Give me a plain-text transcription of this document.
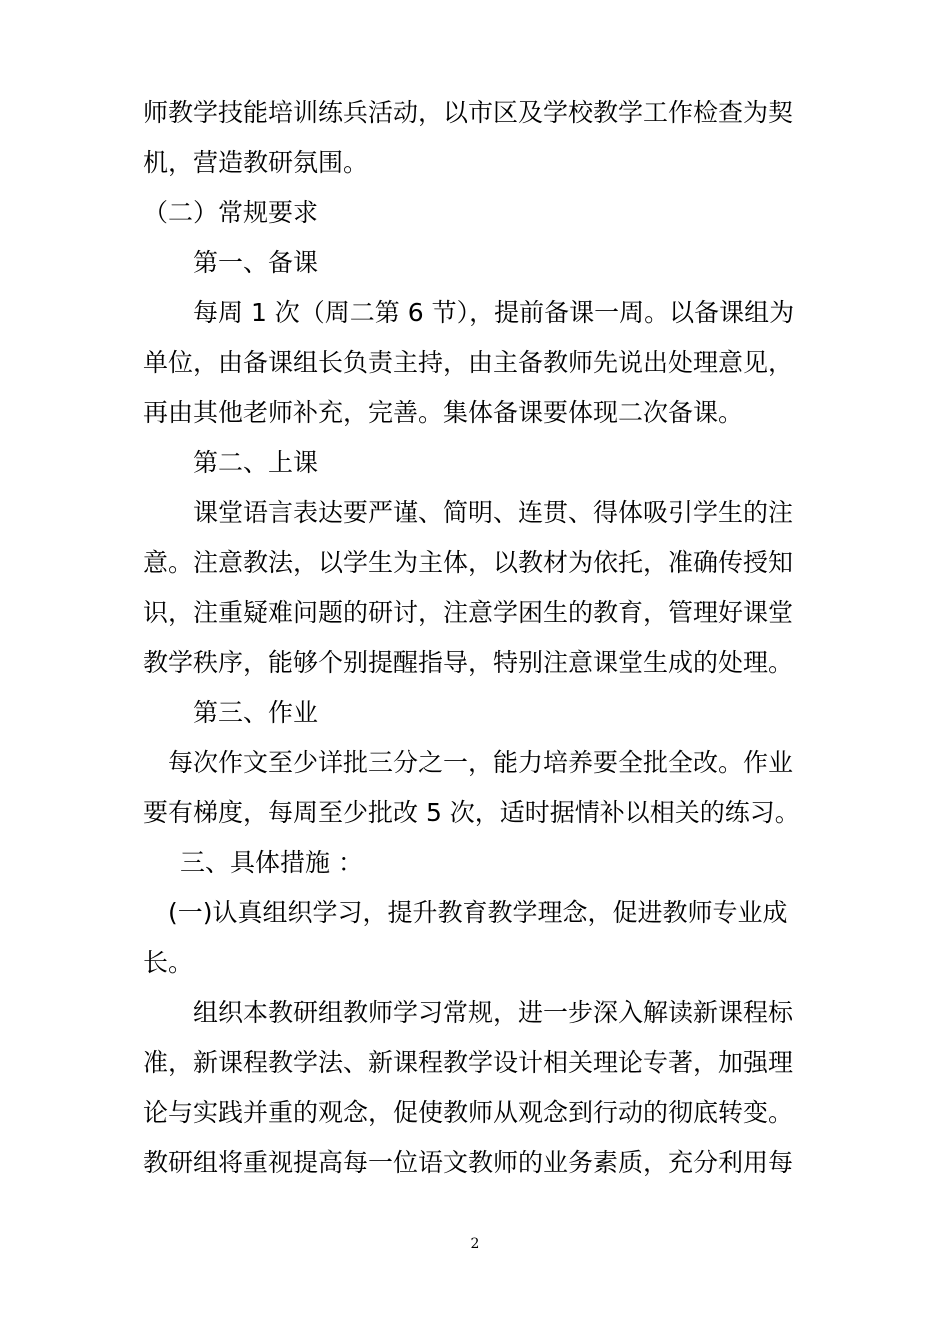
师教学技能培训练兵活动，以市区及学校教学工作检查为契
机，营造教研氛围。
（二）常规要求
第一、备课
每周 1 次（周二第 6 节），提前备课一周。以备课组为
单位，由备课组长负责主持，由主备教师先说出处理意见，
再由其他老师补充，完善。集体备课要体现二次备课。
第二、上课
课堂语言表达要严谨、简明、连贯、得体吸引学生的注
意。注意教法，以学生为主体，以教材为依托，准确传授知
识，注重疑难问题的研讨，注意学困生的教育，管理好课堂
教学秩序，能够个别提醒指导，特别注意课堂生成的处理。
第三、作业
每次作文至少详批三分之一，能力培养要全批全改。作业
要有梯度，每周至少批改 5 次，适时据情补以相关的练习。
三、具体措施 ：
(一)认真组织学习，提升教育教学理念，促进教师专业成
长。
组织本教研组教师学习常规，进一步深入解读新课程标
准，新课程教学法、新课程教学设计相关理论专著，加强理
论与实践并重的观念，促使教师从观念到行动的彻底转变。
教研组将重视提高每一位语文教师的业务素质，充分利用每
2
